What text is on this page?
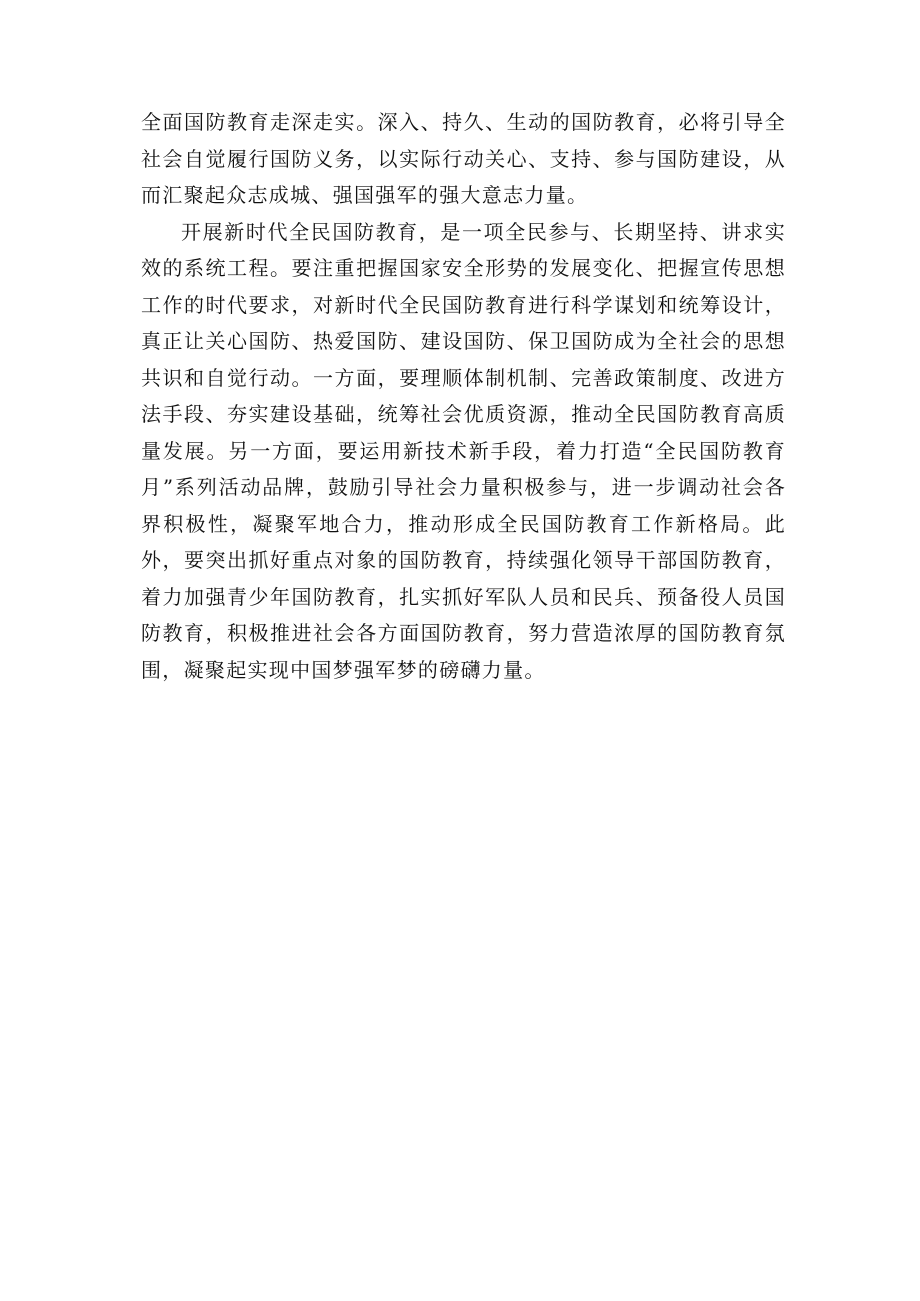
全面国防教育走深走实。深入、持久、生动的国防教育，必将引导全社会自觉履行国防义务，以实际行动关心、支持、参与国防建设，从而汇聚起众志成城、强国强军的强大意志力量。

开展新时代全民国防教育，是一项全民参与、长期坚持、讲求实效的系统工程。要注重把握国家安全形势的发展变化、把握宣传思想工作的时代要求，对新时代全民国防教育进行科学谋划和统筹设计，真正让关心国防、热爱国防、建设国防、保卫国防成为全社会的思想共识和自觉行动。一方面，要理顺体制机制、完善政策制度、改进方法手段、夯实建设基础，统筹社会优质资源，推动全民国防教育高质量发展。另一方面，要运用新技术新手段，着力打造“全民国防教育月”系列活动品牌，鼓励引导社会力量积极参与，进一步调动社会各界积极性，凝聚军地合力，推动形成全民国防教育工作新格局。此外，要突出抓好重点对象的国防教育，持续强化领导干部国防教育，着力加强青少年国防教育，扎实抓好军队人员和民兵、预备役人员国防教育，积极推进社会各方面国防教育，努力营造浓厚的国防教育氛围，凝聚起实现中国梦强军梦的磅礴力量。
